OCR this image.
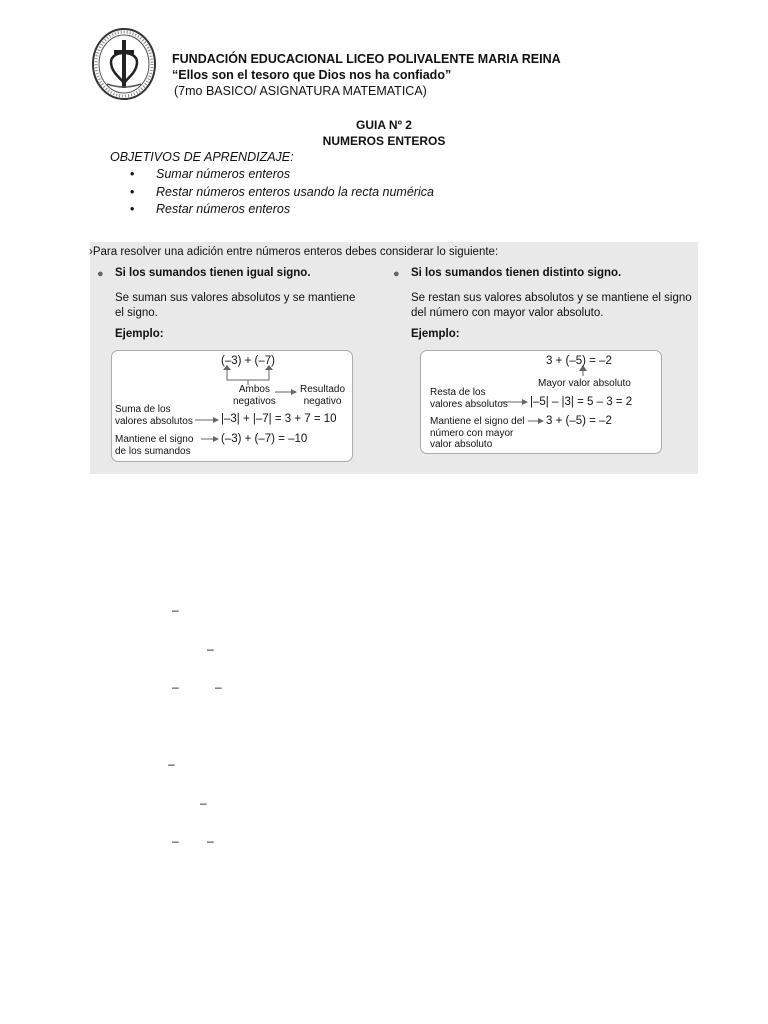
FUNDACIÓN EDUCACIONAL LICEO POLIVALENTE MARIA REINA
“Ellos son el tesoro que Dios nos ha confiado”
(7mo BASICO/ ASIGNATURA MATEMATICA)
GUIA Nº 2
NUMEROS ENTEROS
OBJETIVOS DE APRENDIZAJE:
• Sumar números enteros
• Restar números enteros usando la recta numérica
• Restar números enteros
›Para resolver una adición entre números enteros debes considerar lo siguiente:
● Si los sumandos tienen igual signo.
Se suman sus valores absolutos y se mantiene
el signo.
Ejemplo:
(–3) + (–7)
Ambos
negativos
Resultado
negativo
Suma de los
valores absolutos |–3| + |–7| = 3 + 7 = 10
Mantiene el signo
de los sumandos
(–3) + (–7) = –10
● Si los sumandos tienen distinto signo.
Se restan sus valores absolutos y se mantiene el signo
del número con mayor valor absoluto.
Ejemplo:
3 + (–5) = –2
Mayor valor absoluto
Resta de los
valores absolutos |–5| – |3| = 5 – 3 = 2
Mantiene el signo del
número con mayor
valor absoluto
3 + (–5) = –2
–
–
–	–
–
–
– –
